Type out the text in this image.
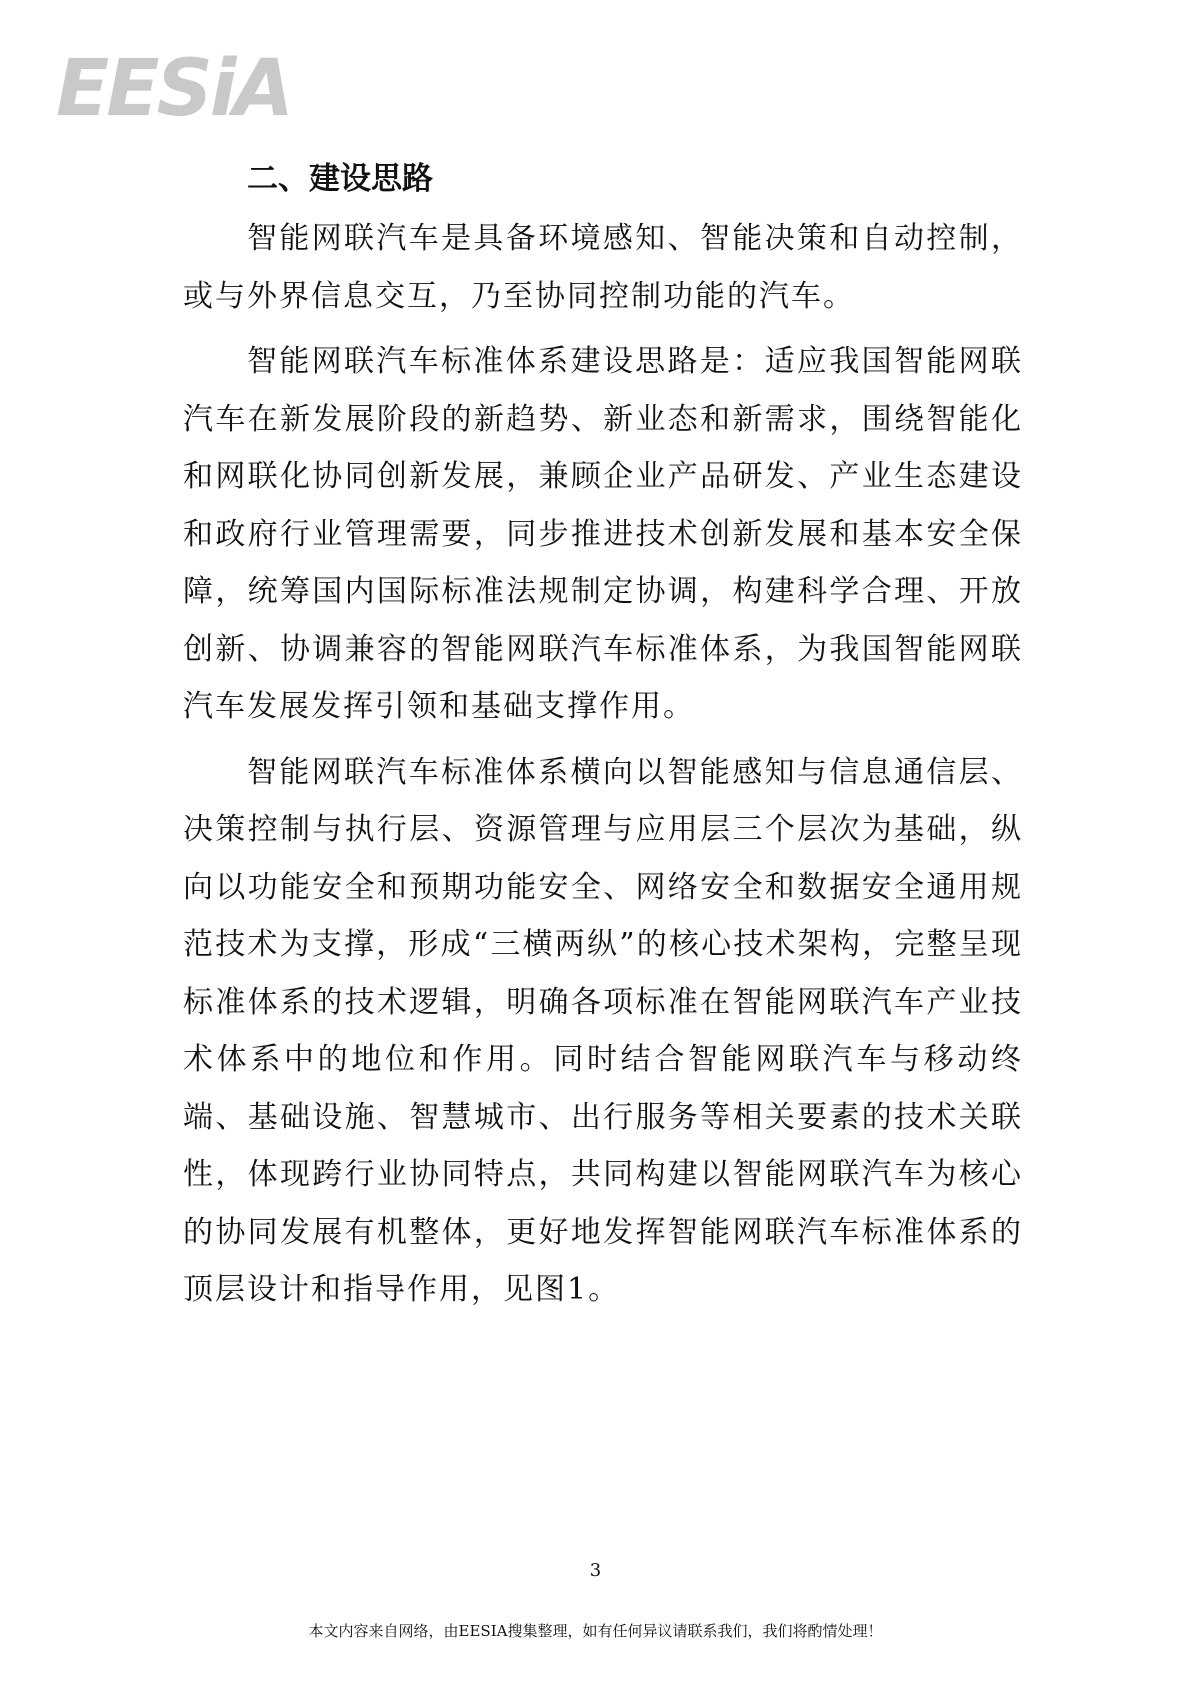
EESiA
二、建设思路

智能网联汽车是具备环境感知、智能决策和自动控制，或与外界信息交互，乃至协同控制功能的汽车。

智能网联汽车标准体系建设思路是：适应我国智能网联汽车在新发展阶段的新趋势、新业态和新需求，围绕智能化和网联化协同创新发展，兼顾企业产品研发、产业生态建设和政府行业管理需要，同步推进技术创新发展和基本安全保障，统筹国内国际标准法规制定协调，构建科学合理、开放创新、协调兼容的智能网联汽车标准体系，为我国智能网联汽车发展发挥引领和基础支撑作用。

智能网联汽车标准体系横向以智能感知与信息通信层、决策控制与执行层、资源管理与应用层三个层次为基础，纵向以功能安全和预期功能安全、网络安全和数据安全通用规范技术为支撑，形成“三横两纵”的核心技术架构，完整呈现标准体系的技术逻辑，明确各项标准在智能网联汽车产业技术体系中的地位和作用。同时结合智能网联汽车与移动终端、基础设施、智慧城市、出行服务等相关要素的技术关联性，体现跨行业协同特点，共同构建以智能网联汽车为核心的协同发展有机整体，更好地发挥智能网联汽车标准体系的顶层设计和指导作用，见图1。

3

本文内容来自网络，由EESIA搜集整理，如有任何异议请联系我们，我们将酌情处理！
